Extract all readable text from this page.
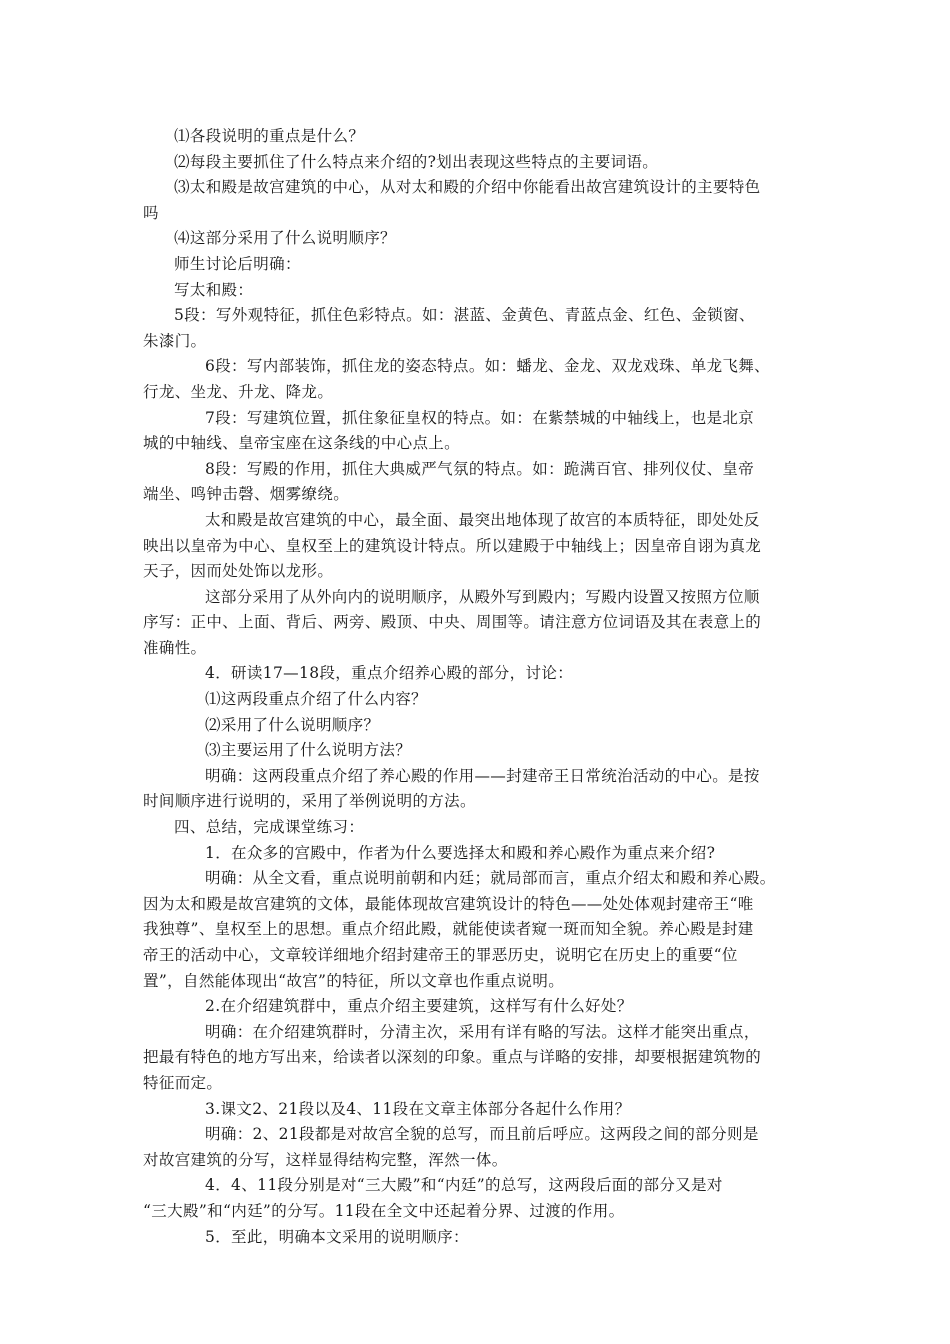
⑴各段说明的重点是什么？
⑵每段主要抓住了什么特点来介绍的?划出表现这些特点的主要词语。
⑶太和殿是故宫建筑的中心，从对太和殿的介绍中你能看出故宫建筑设计的主要特色
吗
⑷这部分采用了什么说明顺序？
师生讨论后明确：
写太和殿：
5段：写外观特征，抓住色彩特点。如：湛蓝、金黄色、青蓝点金、红色、金锁窗、
朱漆门。
6段：写内部装饰，抓住龙的姿态特点。如：蟠龙、金龙、双龙戏珠、单龙飞舞、
行龙、坐龙、升龙、降龙。
7段：写建筑位置，抓住象征皇权的特点。如：在紫禁城的中轴线上，也是北京
城的中轴线、皇帝宝座在这条线的中心点上。
8段：写殿的作用，抓住大典威严气氛的特点。如：跪满百官、排列仪仗、皇帝
端坐、鸣钟击磬、烟雾缭绕。
太和殿是故宫建筑的中心，最全面、最突出地体现了故宫的本质特征，即处处反
映出以皇帝为中心、皇权至上的建筑设计特点。所以建殿于中轴线上；因皇帝自诩为真龙
天子，因而处处饰以龙形。
这部分采用了从外向内的说明顺序，从殿外写到殿内；写殿内设置又按照方位顺
序写：正中、上面、背后、两旁、殿顶、中央、周围等。请注意方位词语及其在表意上的
准确性。
4．研读17—18段，重点介绍养心殿的部分，讨论：
⑴这两段重点介绍了什么内容？
⑵采用了什么说明顺序？
⑶主要运用了什么说明方法？
明确：这两段重点介绍了养心殿的作用——封建帝王日常统治活动的中心。是按
时间顺序进行说明的，采用了举例说明的方法。
四、总结，完成课堂练习：
1．在众多的宫殿中，作者为什么要选择太和殿和养心殿作为重点来介绍?
明确：从全文看，重点说明前朝和内廷；就局部而言，重点介绍太和殿和养心殿。
因为太和殿是故宫建筑的文体，最能体现故宫建筑设计的特色——处处体观封建帝王“唯
我独尊”、皇权至上的思想。重点介绍此殿，就能使读者窥一斑而知全貌。养心殿是封建
帝王的活动中心，文章较详细地介绍封建帝王的罪恶历史，说明它在历史上的重要“位
置”，自然能体现出“故宫”的特征，所以文章也作重点说明。
2.在介绍建筑群中，重点介绍主要建筑，这样写有什么好处？
明确：在介绍建筑群时，分清主次，采用有详有略的写法。这样才能突出重点，
把最有特色的地方写出来，给读者以深刻的印象。重点与详略的安排，却要根据建筑物的
特征而定。
3.课文2、21段以及4、11段在文章主体部分各起什么作用？
明确：2、21段都是对故宫全貌的总写，而且前后呼应。这两段之间的部分则是
对故宫建筑的分写，这样显得结构完整，浑然一体。
4．4、11段分别是对“三大殿”和“内廷”的总写，这两段后面的部分又是对
“三大殿”和“内廷”的分写。11段在全文中还起着分界、过渡的作用。
5．至此，明确本文采用的说明顺序：
